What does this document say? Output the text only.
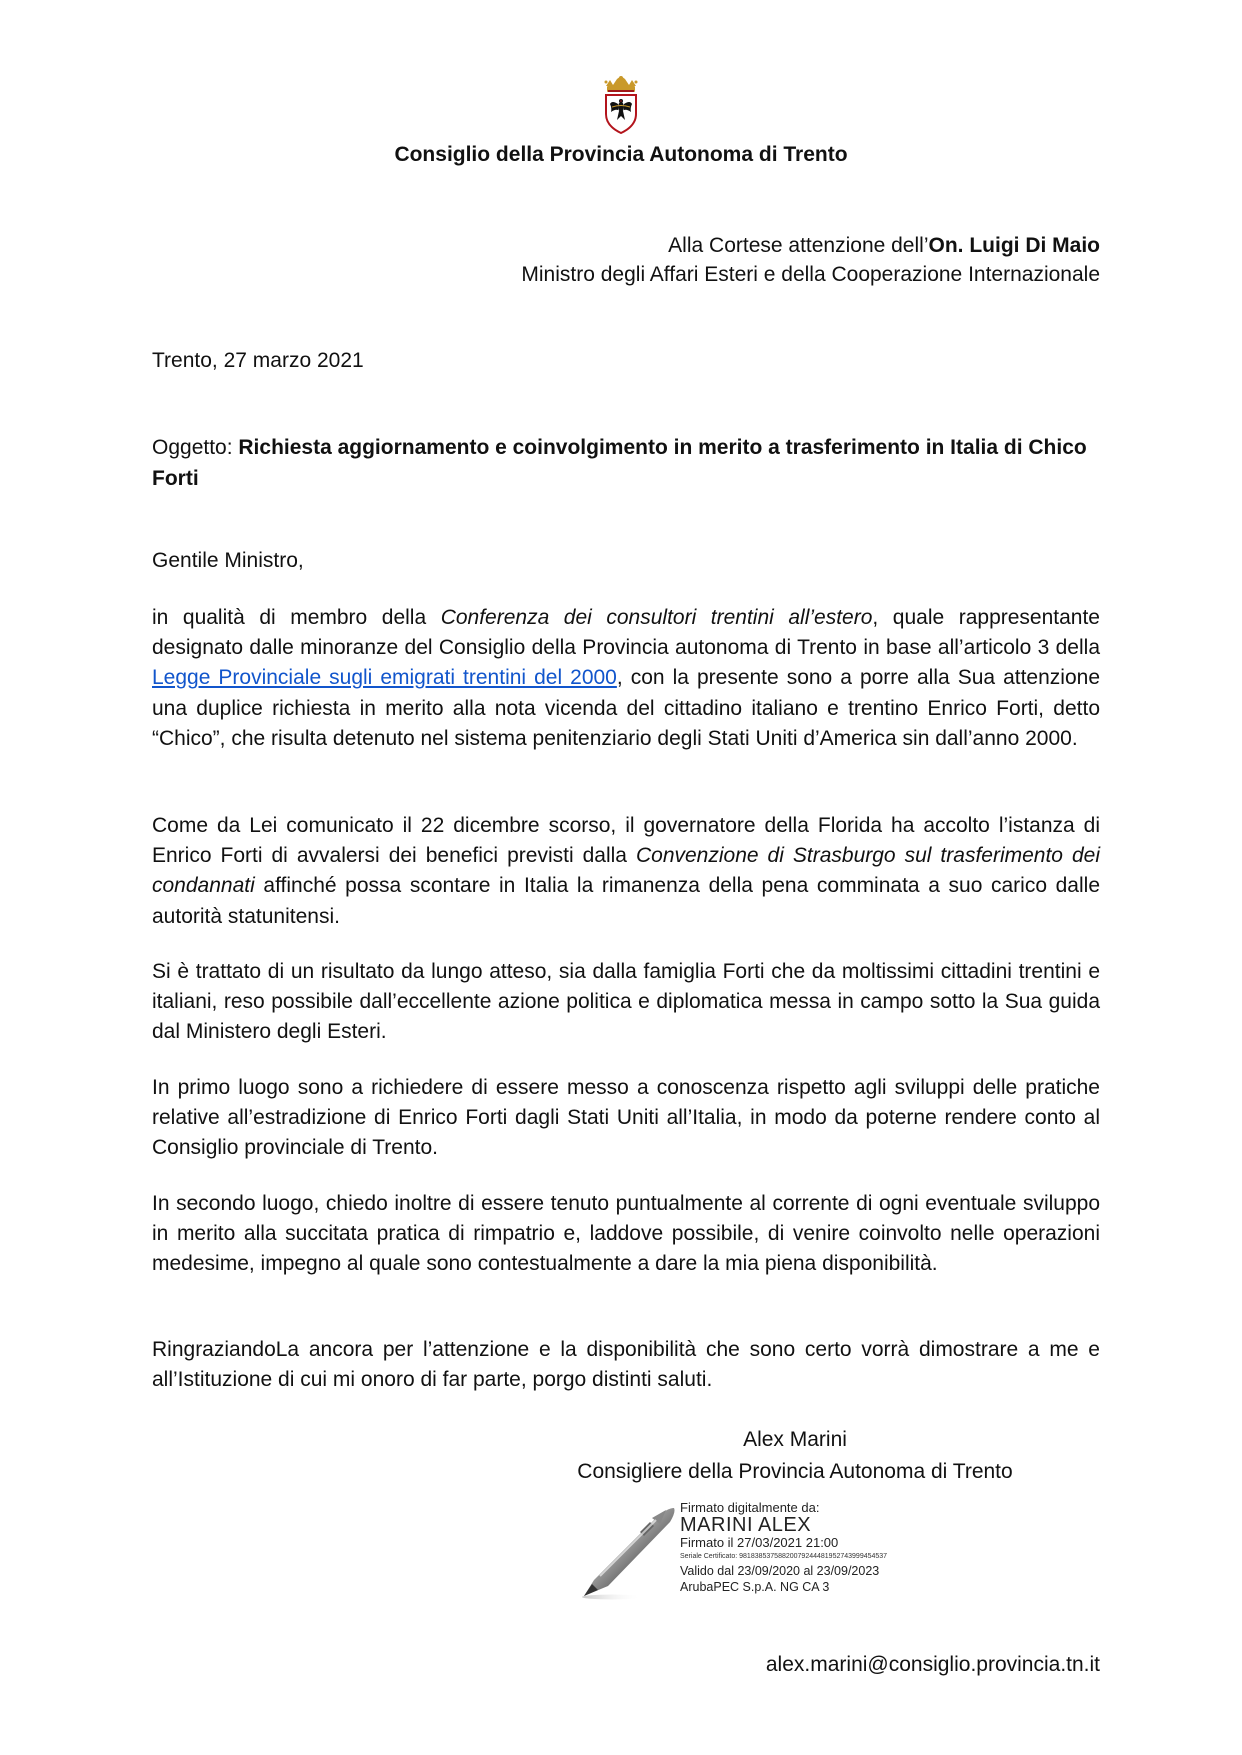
Consiglio della Provincia Autonoma di Trento
Alla Cortese attenzione dell’On. Luigi Di Maio
Ministro degli Affari Esteri e della Cooperazione Internazionale
Trento, 27 marzo 2021
Oggetto: Richiesta aggiornamento e coinvolgimento in merito a trasferimento in Italia di Chico Forti
Gentile Ministro,
in qualità di membro della Conferenza dei consultori trentini all’estero, quale rappresentante designato dalle minoranze del Consiglio della Provincia autonoma di Trento in base all’articolo 3 della Legge Provinciale sugli emigrati trentini del 2000, con la presente sono a porre alla Sua attenzione una duplice richiesta in merito alla nota vicenda del cittadino italiano e trentino Enrico Forti, detto “Chico”, che risulta detenuto nel sistema penitenziario degli Stati Uniti d’America sin dall’anno 2000.
Come da Lei comunicato il 22 dicembre scorso, il governatore della Florida ha accolto l’istanza di Enrico Forti di avvalersi dei benefici previsti dalla Convenzione di Strasburgo sul trasferimento dei condannati affinché possa scontare in Italia la rimanenza della pena comminata a suo carico dalle autorità statunitensi.
Si è trattato di un risultato da lungo atteso, sia dalla famiglia Forti che da moltissimi cittadini trentini e italiani, reso possibile dall’eccellente azione politica e diplomatica messa in campo sotto la Sua guida dal Ministero degli Esteri.
In primo luogo sono a richiedere di essere messo a conoscenza rispetto agli sviluppi delle pratiche relative all’estradizione di Enrico Forti dagli Stati Uniti all’Italia, in modo da poterne rendere conto al Consiglio provinciale di Trento.
In secondo luogo, chiedo inoltre di essere tenuto puntualmente al corrente di ogni eventuale sviluppo in merito alla succitata pratica di rimpatrio e, laddove possibile, di venire coinvolto nelle operazioni medesime, impegno al quale sono contestualmente a dare la mia piena disponibilità.
RingraziandoLa ancora per l’attenzione e la disponibilità che sono certo vorrà dimostrare a me e all’Istituzione di cui mi onoro di far parte, porgo distinti saluti.
Alex Marini
Consigliere della Provincia Autonoma di Trento
Firmato digitalmente da:
MARINI ALEX
Firmato il 27/03/2021 21:00
Seriale Certificato: 98183853758820079244481952743999454537
Valido dal 23/09/2020 al 23/09/2023
ArubaPEC S.p.A. NG CA 3
alex.marini@consiglio.provincia.tn.it
